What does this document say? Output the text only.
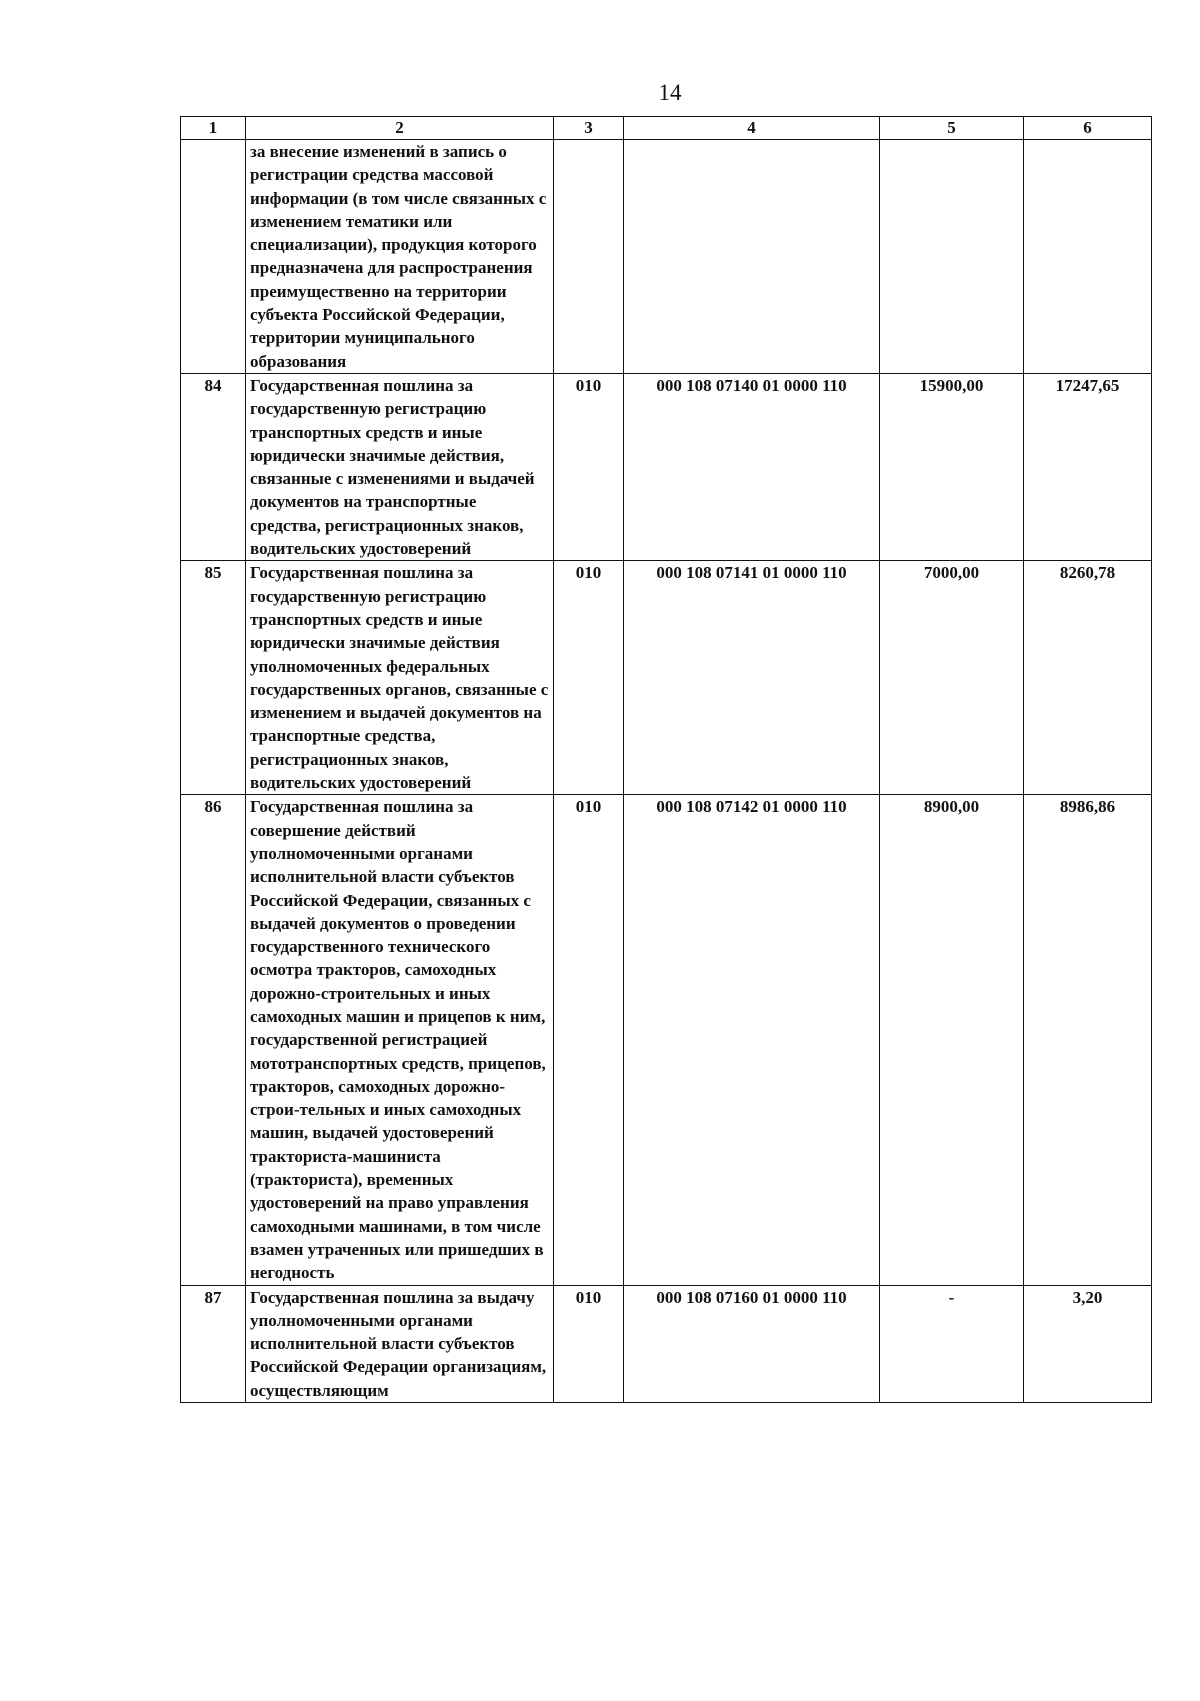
14
1	2	3	4	5	6
	за внесение изменений в запись о регистрации средства массовой информации (в том числе связанных с изменением тематики или специализации), продукция которого предназначена для распространения преимущественно на территории субъекта Российской Федерации, территории муниципального образования				
84	Государственная пошлина за государственную регистрацию транспортных средств и иные юридически значимые действия, связанные с изменениями и выдачей документов на транспортные средства, регистрационных знаков, водительских удостоверений	010	000 108 07140 01 0000 110	15900,00	17247,65
85	Государственная пошлина за государственную регистрацию транспортных средств и иные юридически значимые действия уполномоченных федеральных государственных органов, связанные с изменением и выдачей документов на транспортные средства, регистрационных знаков, водительских удостоверений	010	000 108 07141 01 0000 110	7000,00	8260,78
86	Государственная пошлина за совершение действий уполномоченными органами исполнительной власти субъектов Российской Федерации, связанных с выдачей документов о проведении государственного технического осмотра тракторов, самоходных дорожно-строительных и иных самоходных машин и прицепов к ним, государственной регистрацией мототранспортных средств, прицепов, тракторов, самоходных дорожно-строи-тельных и иных самоходных машин, выдачей удостоверений тракториста-машиниста (тракториста), временных удостоверений на право управления самоходными машинами, в том числе взамен утраченных или пришедших в негодность	010	000 108 07142 01 0000 110	8900,00	8986,86
87	Государственная пошлина за выдачу уполномоченными органами исполнительной власти субъектов Российской Федерации организациям, осуществляющим	010	000 108 07160 01 0000 110	-	3,20
